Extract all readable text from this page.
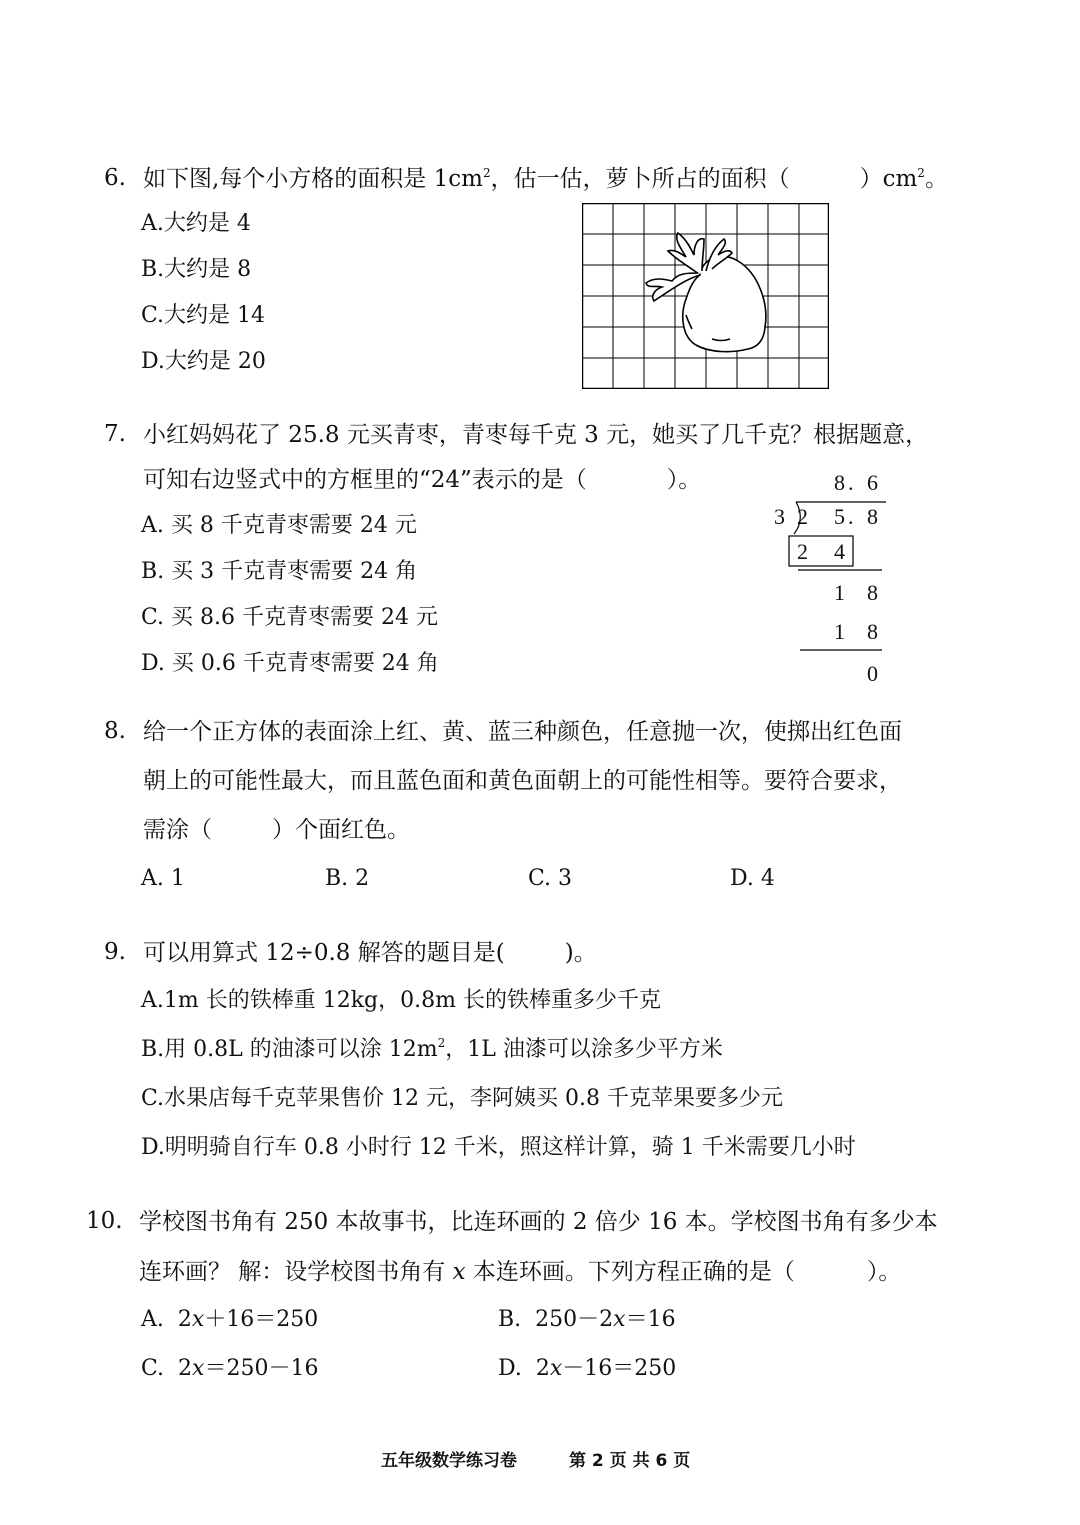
6. 如下图,每个小方格的面积是 $1cm^2$，估一估，萝卜所占的面积（	）$cm^2$。
A.大约是 4
B.大约是 8
C.大约是 14
D.大约是 20
7. 小红妈妈花了 25.8 元买青枣，青枣每千克 3 元，她买了几千克？根据题意，
可知右边竖式中的方框里的“24”表示的是（	）。
A. 买 8 千克青枣需要 24 元
B. 买 3 千克青枣需要 24 角
C. 买 8.6 千克青枣需要 24 元
D. 买 0.6 千克青枣需要 24 角
8 . 6
3 2 5 . 8
2 4
1 8
1 8
0
8. 给一个正方体的表面涂上红、黄、蓝三种颜色，任意抛一次，使掷出红色面
朝上的可能性最大，而且蓝色面和黄色面朝上的可能性相等。要符合要求，
需涂（	）个面红色。
A. 1	B. 2	C. 3	D. 4
9. 可以用算式 12÷0.8 解答的题目是(	)。
A.1m 长的铁棒重 12kg，0.8m 长的铁棒重多少千克
B.用 0.8L 的油漆可以涂 $12m^2$，1L 油漆可以涂多少平方米
C.水果店每千克苹果售价 12 元，李阿姨买 0.8 千克苹果要多少元
D.明明骑自行车 0.8 小时行 12 千米，照这样计算，骑 1 千米需要几小时
10. 学校图书角有 250 本故事书，比连环画的 2 倍少 16 本。学校图书角有多少本
连环画？ 解：设学校图书角有 x 本连环画。下列方程正确的是（	）。
A. 2x＋16＝250	B. 250－2x＝16
C. 2x＝250－16	D. 2x－16＝250
五年级数学练习卷	第 2 页 共 6 页
